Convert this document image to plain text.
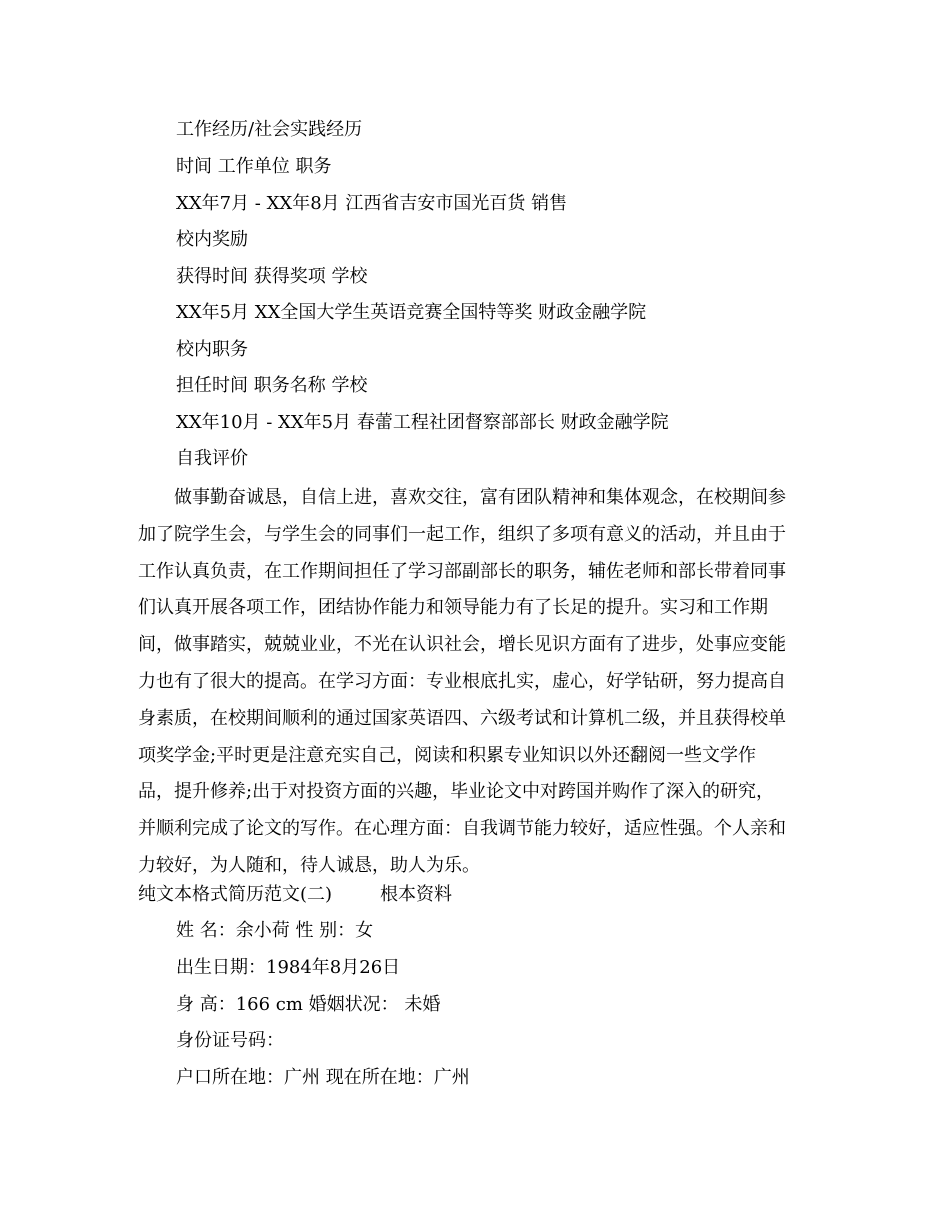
工作经历/社会实践经历
时间 工作单位 职务
XX年7月 - XX年8月 江西省吉安市国光百货 销售
校内奖励
获得时间 获得奖项 学校
XX年5月 XX全国大学生英语竞赛全国特等奖 财政金融学院
校内职务
担任时间 职务名称 学校
XX年10月 - XX年5月 春蕾工程社团督察部部长 财政金融学院
自我评价
做事勤奋诚恳，自信上进，喜欢交往，富有团队精神和集体观念，在校期间参
加了院学生会，与学生会的同事们一起工作，组织了多项有意义的活动，并且由于
工作认真负责，在工作期间担任了学习部副部长的职务，辅佐老师和部长带着同事
们认真开展各项工作，团结协作能力和领导能力有了长足的提升。实习和工作期
间，做事踏实，兢兢业业，不光在认识社会，增长见识方面有了进步，处事应变能
力也有了很大的提高。在学习方面：专业根底扎实，虚心，好学钻研，努力提高自
身素质，在校期间顺利的通过国家英语四、六级考试和计算机二级，并且获得校单
项奖学金;平时更是注意充实自己，阅读和积累专业知识以外还翻阅一些文学作
品，提升修养;出于对投资方面的兴趣，毕业论文中对跨国并购作了深入的研究，
并顺利完成了论文的写作。在心理方面：自我调节能力较好，适应性强。个人亲和
力较好，为人随和，待人诚恳，助人为乐。
纯文本格式简历范文(二)	根本资料
姓 名：余小荷 性 别：女
出生日期：1984年8月26日
身 高：166 cm 婚姻状况： 未婚
身份证号码：
户口所在地：广州 现在所在地：广州
